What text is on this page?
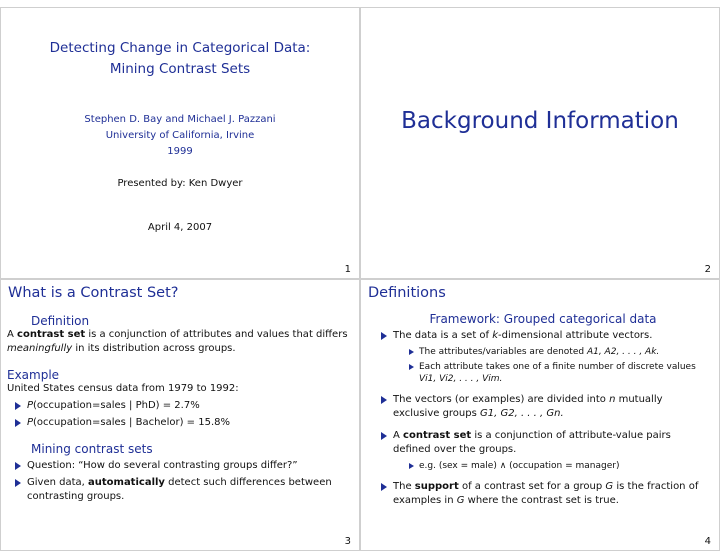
Detecting Change in Categorical Data:
Mining Contrast Sets
Stephen D. Bay and Michael J. Pazzani
University of California, Irvine
1999
Presented by: Ken Dwyer
April 4, 2007
1
Background Information
2
What is a Contrast Set?
Definition

A contrast set is a conjunction of attributes and values that differs meaningfully in its distribution across groups.

Example

United States census data from 1979 to 1992:

P(occupation=sales | PhD) = 2.7%
P(occupation=sales | Bachelor) = 15.8%
Mining contrast sets
Question: “How do several contrasting groups differ?”
Given data, automatically detect such differences between contrasting groups.
3
Definitions
Framework: Grouped categorical data
The data is a set of k-dimensional attribute vectors.
The attributes/variables are denoted A1, A2, . . . , Ak.
Each attribute takes one of a finite number of discrete values Vi1, Vi2, . . . , Vim.
The vectors (or examples) are divided into n mutually exclusive groups G1, G2, . . . , Gn.
A contrast set is a conjunction of attribute-value pairs defined over the groups.
e.g. (sex = male) ∧ (occupation = manager)
The support of a contrast set for a group G is the fraction of examples in G where the contrast set is true.
4
